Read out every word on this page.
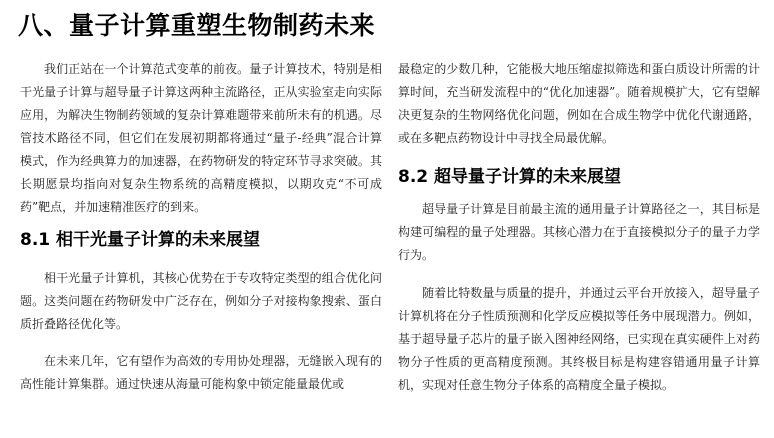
八、量子计算重塑生物制药未来

我们正站在一个计算范式变革的前夜。量子计算技术，特别是相干光量子计算与超导量子计算这两种主流路径，正从实验室走向实际应用，为解决生物制药领域的复杂计算难题带来前所未有的机遇。尽管技术路径不同，但它们在发展初期都将通过“量子-经典”混合计算模式，作为经典算力的加速器，在药物研发的特定环节寻求突破。其长期愿景均指向对复杂生物系统的高精度模拟，以期攻克“不可成药”靶点，并加速精准医疗的到来。

8.1 相干光量子计算的未来展望

相干光量子计算机，其核心优势在于专攻特定类型的组合优化问题。这类问题在药物研发中广泛存在，例如分子对接构象搜索、蛋白质折叠路径优化等。

在未来几年，它有望作为高效的专用协处理器，无缝嵌入现有的高性能计算集群。通过快速从海量可能构象中锁定能量最优或

最稳定的少数几种，它能极大地压缩虚拟筛选和蛋白质设计所需的计算时间，充当研发流程中的“优化加速器”。随着规模扩大，它有望解决更复杂的生物网络优化问题，例如在合成生物学中优化代谢通路，或在多靶点药物设计中寻找全局最优解。

8.2 超导量子计算的未来展望

超导量子计算是目前最主流的通用量子计算路径之一，其目标是构建可编程的量子处理器。其核心潜力在于直接模拟分子的量子力学行为。

随着比特数量与质量的提升，并通过云平台开放接入，超导量子计算机将在分子性质预测和化学反应模拟等任务中展现潜力。例如，基于超导量子芯片的量子嵌入图神经网络，已实现在真实硬件上对药物分子性质的更高精度预测。其终极目标是构建容错通用量子计算机，实现对任意生物分子体系的高精度全量子模拟。
